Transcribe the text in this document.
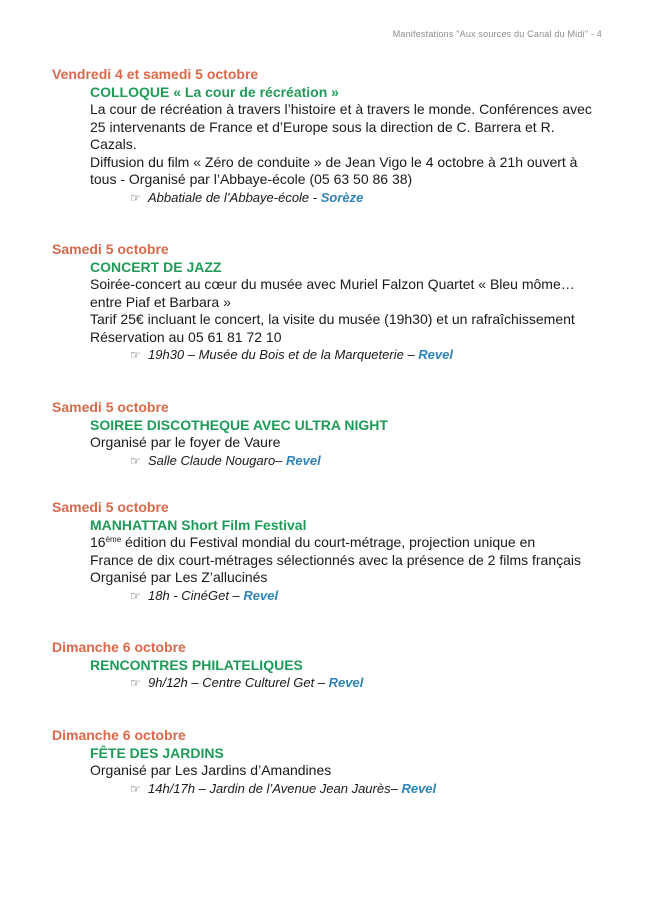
Manifestations "Aux sources du Canal du Midi" - 4
Vendredi 4 et samedi 5 octobre
COLLOQUE « La cour de récréation »
La cour de récréation à travers l’histoire et à travers le monde. Conférences avec
25 intervenants de France et d’Europe sous la direction de C. Barrera et R.
Cazals.
Diffusion du film « Zéro de conduite » de Jean Vigo le 4 octobre à 21h ouvert à
tous - Organisé par l’Abbaye-école (05 63 50 86 38)
☞ Abbatiale de l’Abbaye-école - Sorèze
Samedi 5 octobre
CONCERT DE JAZZ
Soirée-concert au cœur du musée avec Muriel Falzon Quartet « Bleu môme…
entre Piaf et Barbara »
Tarif 25€ incluant le concert, la visite du musée (19h30) et un rafraîchissement
Réservation au 05 61 81 72 10
☞ 19h30 – Musée du Bois et de la Marqueterie – Revel
Samedi 5 octobre
SOIREE DISCOTHEQUE AVEC ULTRA NIGHT
Organisé par le foyer de Vaure
☞ Salle Claude Nougaro– Revel
Samedi 5 octobre
MANHATTAN Short Film Festival
16ème édition du Festival mondial du court-métrage, projection unique en
France de dix court-métrages sélectionnés avec la présence de 2 films français
Organisé par Les Z’allucinés
☞ 18h - CinéGet – Revel
Dimanche 6 octobre
RENCONTRES PHILATELIQUES
☞ 9h/12h – Centre Culturel Get – Revel
Dimanche 6 octobre
FÊTE DES JARDINS
Organisé par Les Jardins d’Amandines
☞ 14h/17h – Jardin de l’Avenue Jean Jaurès– Revel
